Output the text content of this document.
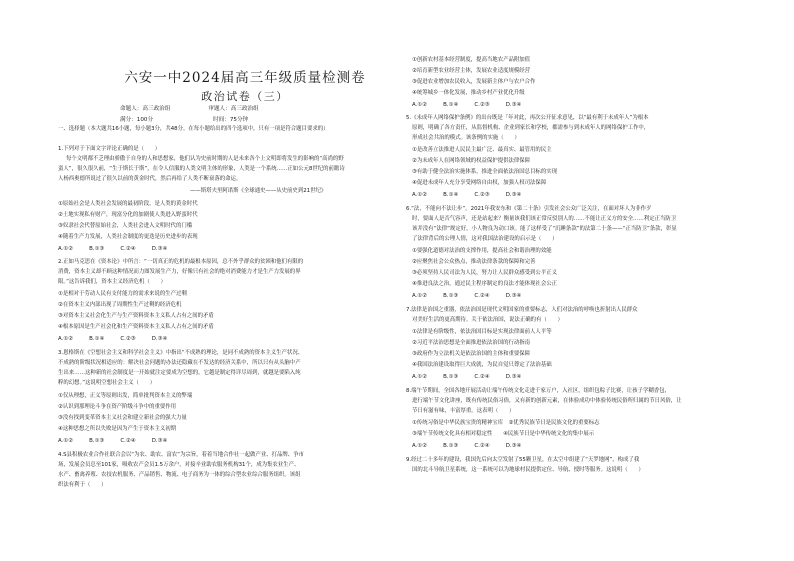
六安一中2024届高三年级质量检测卷
政治试卷（三）
命题人：高三政治组	审题人：高三政治组
满分：100分	时间：75分钟
一、选择题（本大题共16小题，每小题3分，共48分。在每小题给出的四个选项中，只有一项是符合题目要求的）
1.下列对于下面文字评论正确的是（　　）
每个文明都不乏理由骄傲于自身的人和思想家，他们认为史前时期的人是未来各个上文明即将发生的影响的“高尚的野
蛮人”，很久很久前，“生于斯长于斯”，在令人信服的人类文明主体的形象，人类是一个系统……正如公元8世纪的前瞻诗
人杨西奥德所说过了很久以前的黄金时代，然后再给了人类不断衰落的命运。
——斯塔夫里阿诺斯《全球通史——从史前史到21世纪》
①原始社会是人类社会发展的最初阶段，是人类的黄金时代
②土地实现私有财产，现富分化的加剧使人类进入野蛮时代
③奴隶社会代替原始社会，人类社会进入文明时代的门槛
④随着生产力发展，人类社会制度的更迭是历史进步的表现
A.①②　　　B.①③　　　C.②④　　　D.③④
2.正如马克思在《资本论》中所言：“一切真正的危机的最根本原因，总不外乎群众的贫困和他们有限的
消费，资本主义却不顾这种情况而力图发展生产力，好像只有社会的绝对消费能力才是生产力发展的界
限。”这告诉我们，资本主义经济危机（　　）
①是相对于劳动人民有支付能力的需求来说的生产过剩
②在资本主义内部出现了周期性生产过剩的经济危机
③对资本主义社会化生产与生产资料资本主义私人占有之间的矛盾
④根本原因是生产社会化和生产资料资本主义私人占有之间的矛盾
A.①②　　　B.①④　　　C.②③　　　D.③④
3.恩格斯在《空想社会主义和科学社会主义》中指出“不成熟的理论，是同不成熟的资本主义生产状况、
不成熟的阶级状况相适应的：解决社会问题的办法还隐藏在不发达的经济关系中，所以只有从头脑中产
生出来……这种新的社会制度是一开始就注定要成为空想的，它越是制定得详尽周到，就越是要陷入纯
粹的幻想。”这说明空想社会主义（　　）
①仅从理想，正义等原则出发，简单批判资本主义的弊端
②认识到那理论斗争在资产阶级斗争中的重要作用
③没有找到变革资本主义社会和建立新社会的强大力量
④这种思想之所以失败是因为产生于资本主义初期
A.①②　　　B.①③　　　C.②④　　　D.③④
4.S县积极农业合作社联合会以“为农、助农、富农”为宗旨，着着当地合作社一起做产业、打品牌、争市
场，发展会员总至101家，吸收农产会员1.5万余户，对接辛业助农服务机构31个，成为集农业生产、
水产、畜禽养殖、农技农机服务、产品销售、物流、电子商务为一体的综合型农业综合服务组织。该组
织法有利于（　　）
①创新农村基本经营制度，提高当地农产品附加值
②培育新型农业经营主体，发展农业适度规模经营
③促进农业增加农民收入，发展新主体户与农户合作
④统筹城乡一体化发展，推动乡村产业优化升级
A.①②　　　B.①④　　　C.②③　　　D.③④
5.《未成年人网络保护条例》的出台既是「年对此，再次公开征求意见，以“最有利于未成年人”为根本
原则，明确了各方责任，从监督机构、企业到家长和学校，都需参与到未成年人的网络保护工作中，
形成社会共治的模式。该条例的实施（　　）
①是改善立法推进人民民主最广泛、最真实、最管用的民主
②为未成年人在网络领域的权益保护提供法律保障
③有助于健全法治实施体系，推进全面依法治国总目标的实现
④促进未成年人充分享受网络自由权，加强人权司法保障
A.①②　　　B.①④　　　C.②③　　　D.③④
6.“法，不能向不法让步”。2021年我安东和《第二十条》引发社会公众广泛关注，在面对坏人为非作歹
时，要面人是否气容声，还是站起来？衡量该我们该正常反驳别人的……不能让正义方的安全……利定正当防卫
该并没有“法律”规定好，小人物良为动口该。能了这样受了“沉睡条款”的法第二十条——“正当防卫”条款，彰显
了法律背后的公理人情，这对我国法治建设的启示是（　　）
①要强化道德对法治的支撑作用，提高社会和谐治理的效能
②应聚焦社会公众热点，推动法律条款的保障和完善
③必须坚持人民司法为人民，努力让人民群众感受到公平正义
④推进良法之治，通过民主程序制定的良法才能体现社会公正
A.①②　　　B.①③　　　C.②④　　　D.③④
7.法律是治国之重器，依法治国是现代文明国家的重要标志，人们对法治的呼唤也折射出人民群众
对美好生活的更高期待。关于依法治国，说法正确的有（　　）
①法律是有阶级性，依法治国目标是实现法律面前人人平等
②习近平法治思想是全面推进依法治国的行动指南
③政府作为立法机关是依法治国的主体和重要保障
④我国法治建设取得巨大成就，为民自觉只尊定了法治基础
A.①②　　　B.①③　　　C.②④　　　D.③④
8.端午节期间，全国各地开展活动让端午传统文化走进千家万户，入社区，组织包粽子比赛，让孩子学糊香包，
进行端午节文化讲座，既有传统民俗习俗，又有新的创新元素，在体验成功中体验传统民俗所归属的节日风俗，让
节日有滋有味，丰富厚重。这表明（　　）
①传统习俗是中华民族宝贵的精神宝库　②优秀民族节日是民族文化的重要标志
③端午节传统文化具有相对稳定性　　④民族节日是中华传统文化的集中展示
A.①②　　　B.①③　　　C.②④　　　D.③④
9.经过二十多年的建设，我国先后向太空发射了55颗卫星，在太空中组建了“天罗地网”，构成了我
国的北斗导航卫星系统，这一系统可以为地球村民提供定位、导航、授时等服务。这说明（　　）
